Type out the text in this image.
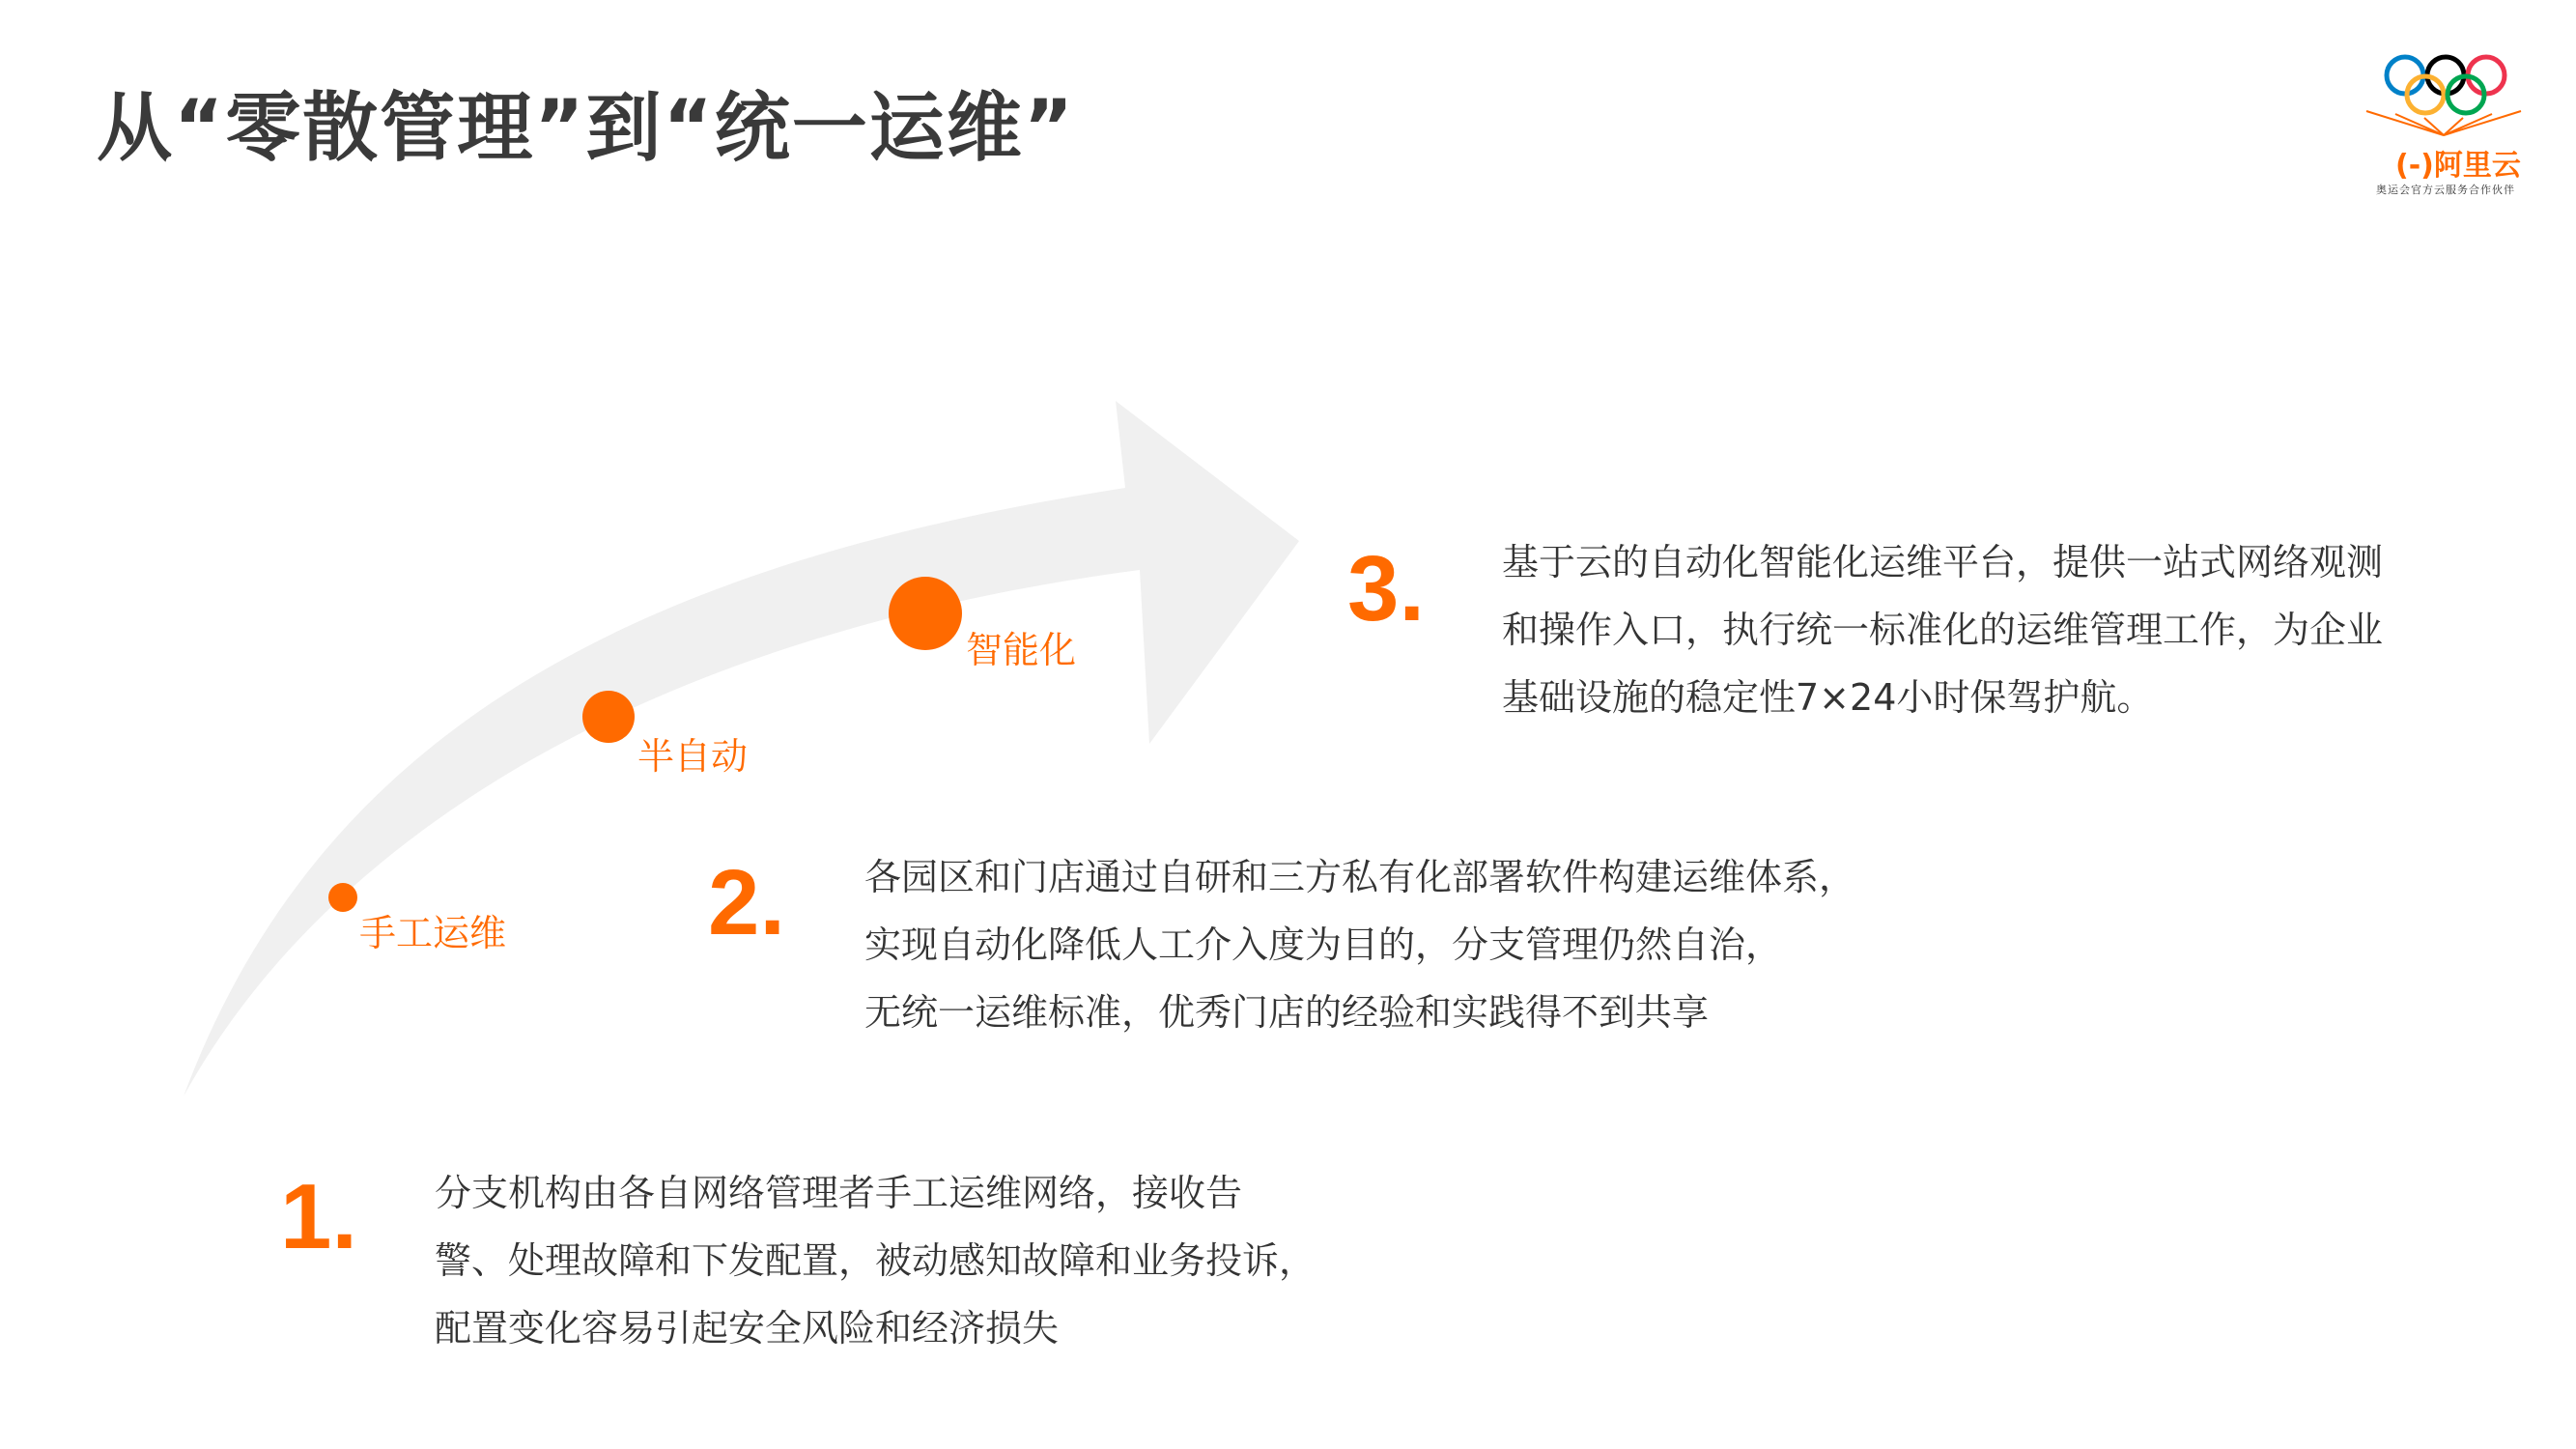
从“零散管理”到“统一运维”	(-)阿里云
奥运会官方云服务合作伙伴
手工运维
半自动
智能化
1. 分支机构由各自网络管理者手工运维网络，接收告
警、处理故障和下发配置，被动感知故障和业务投诉，
配置变化容易引起安全风险和经济损失
2. 各园区和门店通过自研和三方私有化部署软件构建运维体系，
实现自动化降低人工介入度为目的，分支管理仍然自治，
无统一运维标准，优秀门店的经验和实践得不到共享
3. 基于云的自动化智能化运维平台，提供一站式网络观测
和操作入口，执行统一标准化的运维管理工作，为企业
基础设施的稳定性7×24小时保驾护航。
